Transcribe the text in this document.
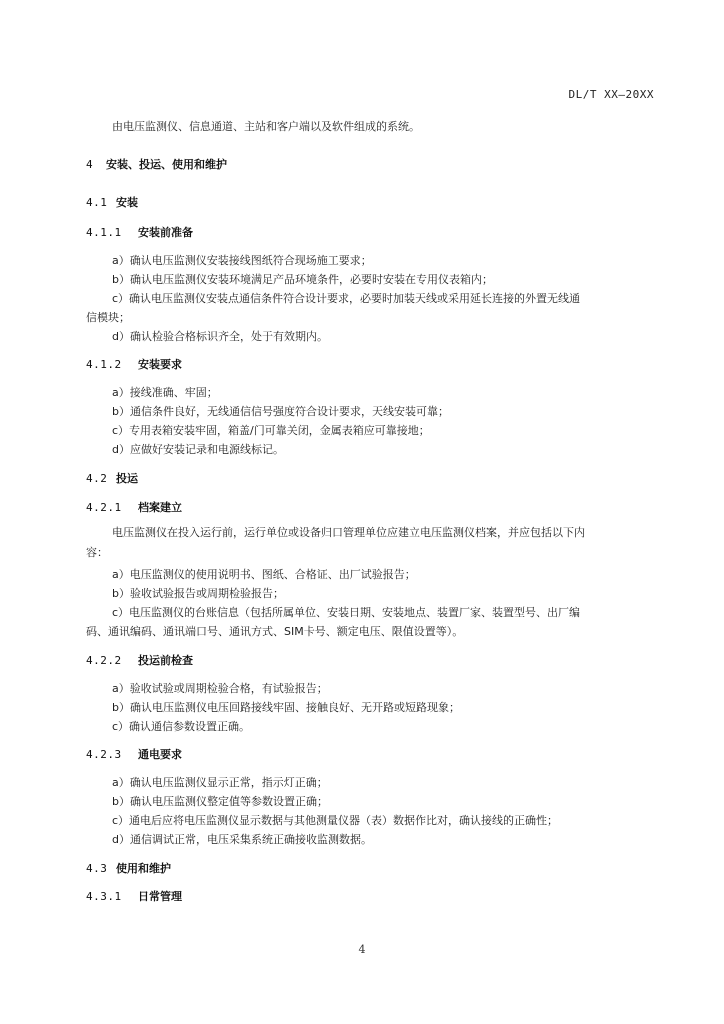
DL/T XX—20XX
由电压监测仪、信息通道、主站和客户端以及软件组成的系统。
4 安装、投运、使用和维护
4.1 安装
4.1.1 安装前准备
a）确认电压监测仪安装接线图纸符合现场施工要求；
b）确认电压监测仪安装环境满足产品环境条件，必要时安装在专用仪表箱内；
c）确认电压监测仪安装点通信条件符合设计要求，必要时加装天线或采用延长连接的外置无线通
信模块；
d）确认检验合格标识齐全，处于有效期内。
4.1.2 安装要求
a）接线准确、牢固；
b）通信条件良好，无线通信信号强度符合设计要求，天线安装可靠；
c）专用表箱安装牢固，箱盖/门可靠关闭，金属表箱应可靠接地；
d）应做好安装记录和电源线标记。
4.2 投运
4.2.1 档案建立
电压监测仪在投入运行前，运行单位或设备归口管理单位应建立电压监测仪档案，并应包括以下内
容：
a）电压监测仪的使用说明书、图纸、合格证、出厂试验报告；
b）验收试验报告或周期检验报告；
c）电压监测仪的台账信息（包括所属单位、安装日期、安装地点、装置厂家、装置型号、出厂编
码、通讯编码、通讯端口号、通讯方式、SIM卡号、额定电压、限值设置等）。
4.2.2 投运前检查
a）验收试验或周期检验合格，有试验报告；
b）确认电压监测仪电压回路接线牢固、接触良好、无开路或短路现象；
c）确认通信参数设置正确。
4.2.3 通电要求
a）确认电压监测仪显示正常，指示灯正确；
b）确认电压监测仪整定值等参数设置正确；
c）通电后应将电压监测仪显示数据与其他测量仪器（表）数据作比对，确认接线的正确性；
d）通信调试正常，电压采集系统正确接收监测数据。
4.3 使用和维护
4.3.1 日常管理
4
